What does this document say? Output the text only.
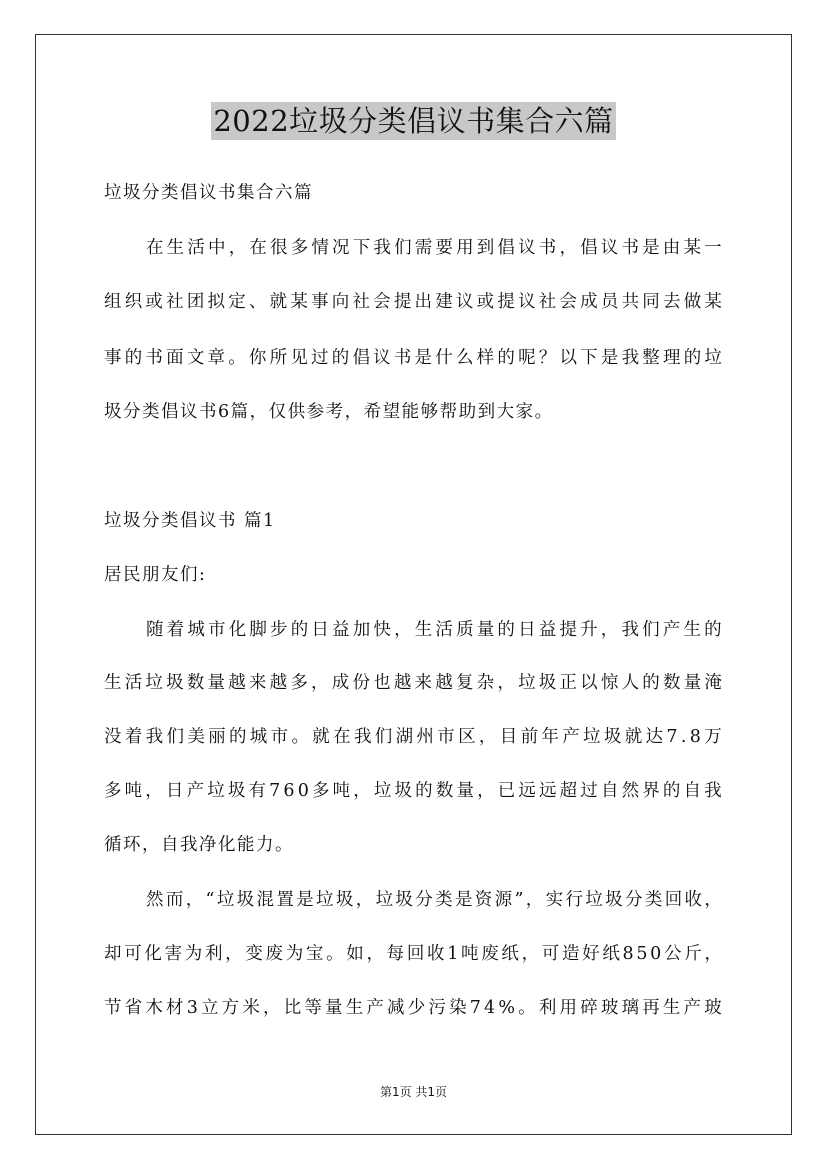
2022垃圾分类倡议书集合六篇
垃圾分类倡议书集合六篇
在 生 活 中 ， 在 很 多 情 况 下 我 们 需 要 用 到 倡 议 书 ， 倡 议 书 是 由 某 一
组 织 或 社 团 拟 定 、 就 某 事 向 社 会 提 出 建 议 或 提 议 社 会 成 员 共 同 去 做 某
事 的 书 面 文 章 。 你 所 见 过 的 倡 议 书 是 什 么 样 的 呢 ？ 以 下 是 我 整 理 的 垃
圾分类倡议书6篇，仅供参考，希望能够帮助到大家。
垃圾分类倡议书 篇1
居民朋友们:
随 着 城 市 化 脚 步 的 日 益 加 快 ， 生 活 质 量 的 日 益 提 升 ， 我 们 产 生 的
生 活 垃 圾 数 量 越 来 越 多 ， 成 份 也 越 来 越 复 杂 ， 垃 圾 正 以 惊 人 的 数 量 淹
没 着 我 们 美 丽 的 城 市 。 就 在 我 们 湖 州 市 区 ， 目 前 年 产 垃 圾 就 达 7 . 8 万
多 吨 ， 日 产 垃 圾 有 7 6 0 多 吨 ， 垃 圾 的 数 量 ， 已 远 远 超 过 自 然 界 的 自 我
循环，自我净化能力。
然 而 ， “ 垃 圾 混 置 是 垃 圾 ， 垃 圾 分 类 是 资 源 ” ， 实 行 垃 圾 分 类 回 收 ，
却 可 化 害 为 利 ， 变 废 为 宝 。 如 ， 每 回 收 1 吨 废 纸 ， 可 造 好 纸 8 5 0 公 斤 ，
节 省 木 材 3 立 方 米 ， 比 等 量 生 产 减 少 污 染 7 4 % 。 利 用 碎 玻 璃 再 生 产 玻
第1页 共1页
